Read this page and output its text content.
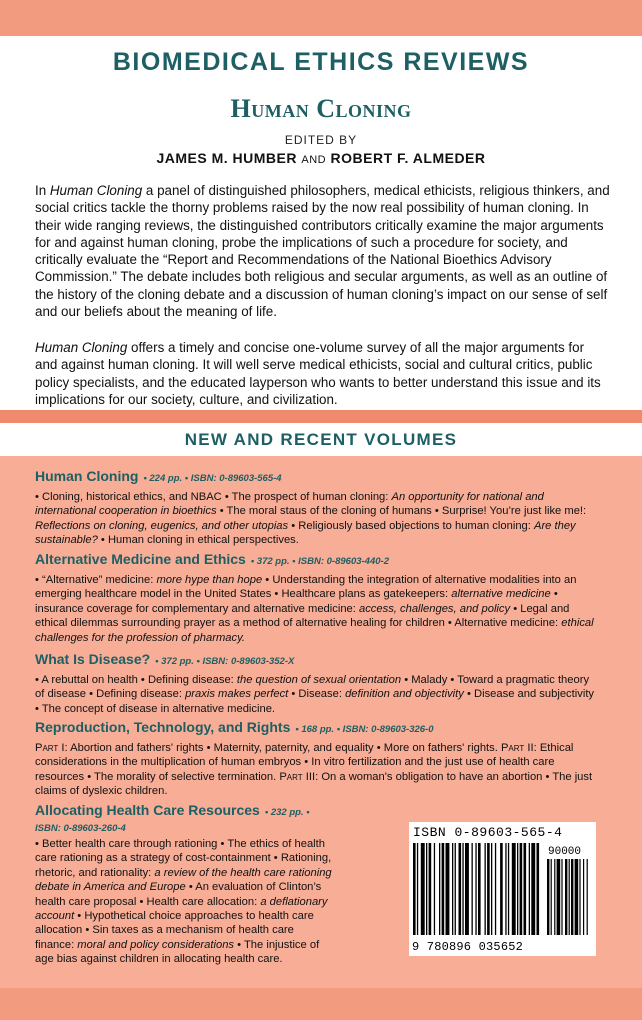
NEW AND RECENT VOLUMES
BIOMEDICAL ETHICS REVIEWS
Human Cloning
EDITED BY
JAMES M. HUMBER AND ROBERT F. ALMEDER

In Human Cloning a panel of distinguished philosophers, medical ethicists, religious thinkers, and social critics tackle the thorny problems raised by the now real possibility of human cloning. In their wide ranging reviews, the distinguished contributors critically examine the major arguments for and against human cloning, probe the implications of such a procedure for society, and critically evaluate the “Report and Recommendations of the National Bioethics Advisory Commission.” The debate includes both religious and secular arguments, as well as an outline of the history of the cloning debate and a discussion of human cloning’s impact on our sense of self and our beliefs about the meaning of life.

Human Cloning offers a timely and concise one-volume survey of all the major arguments for and against human cloning. It will well serve medical ethicists, social and cultural critics, public policy specialists, and the educated layperson who wants to better understand this issue and its implications for our society, culture, and civilization.

Human Cloning • 224 pp. • ISBN: 0-89603-565-4
• Cloning, historical ethics, and NBAC • The prospect of human cloning: An opportunity for national and international cooperation in bioethics • The moral staus of the cloning of humans • Surprise! You’re just like me!: Reflections on cloning, eugenics, and other utopias • Religiously based objections to human cloning: Are they sustainable? • Human cloning in ethical perspectives.
Alternative Medicine and Ethics • 372 pp. • ISBN: 0-89603-440-2
• “Alternative” medicine: more hype than hope • Understanding the integration of alternative modalities into an emerging healthcare model in the United States • Healthcare plans as gatekeepers: alternative medicine • insurance coverage for complementary and alternative medicine: access, challenges, and policy • Legal and ethical dilemmas surrounding prayer as a method of alternative healing for children • Alternative medicine: ethical challenges for the profession of pharmacy.
What Is Disease? • 372 pp. • ISBN: 0-89603-352-X
• A rebuttal on health • Defining disease: the question of sexual orientation • Malady • Toward a pragmatic theory of disease • Defining disease: praxis makes perfect • Disease: definition and objectivity • Disease and subjectivity • The concept of disease in alternative medicine.
Reproduction, Technology, and Rights • 168 pp. • ISBN: 0-89603-326-0
Part I: Abortion and fathers' rights • Maternity, paternity, and equality • More on fathers' rights. Part II: Ethical considerations in the multiplication of human embryos • In vitro fertilization and the just use of health care resources • The morality of selective termination. Part III: On a woman's obligation to have an abortion • The just claims of dyslexic children.
Allocating Health Care Resources • 232 pp. •
ISBN: 0-89603-260-4
• Better health care through rationing • The ethics of health care rationing as a strategy of cost-containment • Rationing, rhetoric, and rationality: a review of the health care rationing debate in America and Europe • An evaluation of Clinton’s health care proposal • Health care allocation: a deflationary account • Hypothetical choice approaches to health care allocation • Sin taxes as a mechanism of health care finance: moral and policy considerations • The injustice of age bias against children in allocating health care.
ISBN 0-89603-565-4
90000
9 780896 035652
